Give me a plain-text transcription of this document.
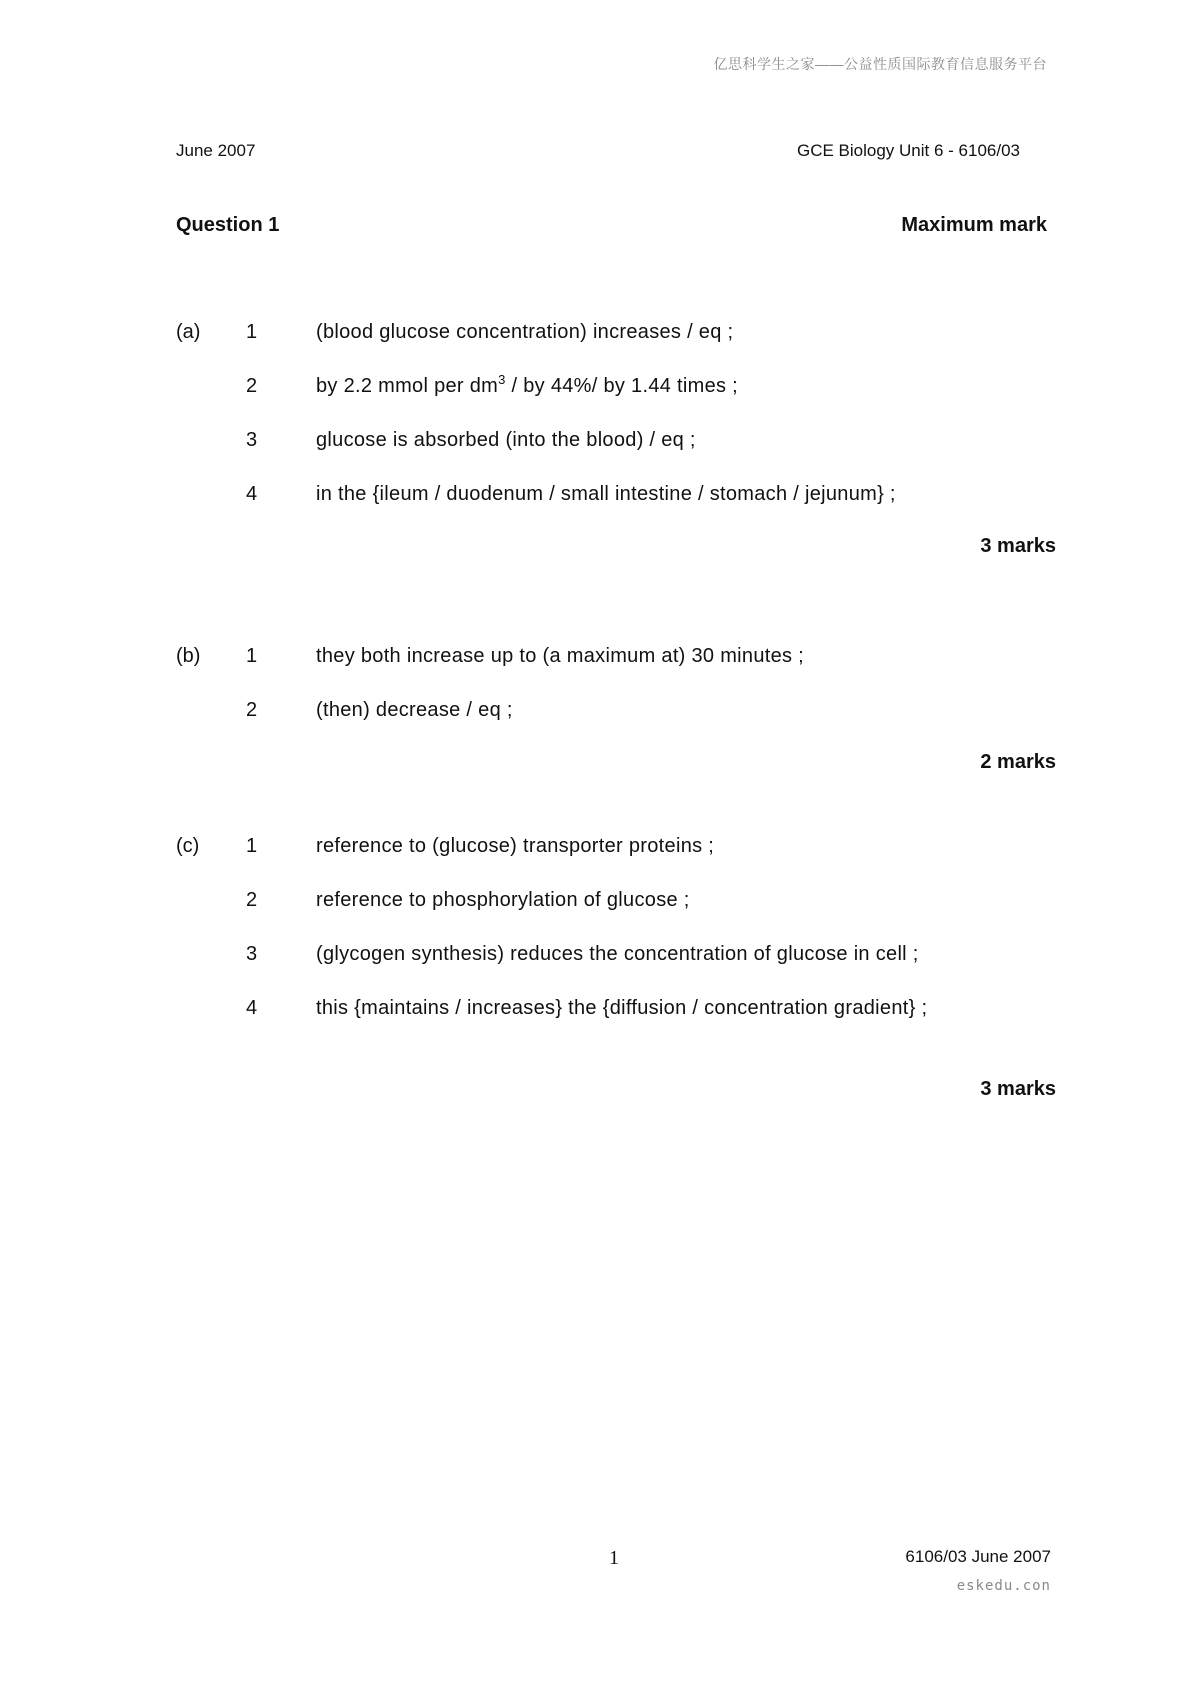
亿思科学生之家——公益性质国际教育信息服务平台
June 2007	GCE Biology Unit 6 - 6106/03
Question 1	Maximum mark
(a) 1	(blood glucose concentration) increases / eq ;
2	by 2.2 mmol per $dm^3$ / by 44%/ by 1.44 times ;
3	glucose is absorbed (into the blood) / eq ;
4	in the {ileum / duodenum / small intestine / stomach / jejunum} ;
3 marks
(b) 1	they both increase up to (a maximum at) 30 minutes ;
2	(then) decrease / eq ;
2 marks
(c) 1	reference to (glucose) transporter proteins ;
2	reference to phosphorylation of glucose ;
3	(glycogen synthesis) reduces the concentration of glucose in cell ;
4	this {maintains / increases} the {diffusion / concentration gradient} ;
3 marks
1	6106/03 June 2007
eskedu.con
